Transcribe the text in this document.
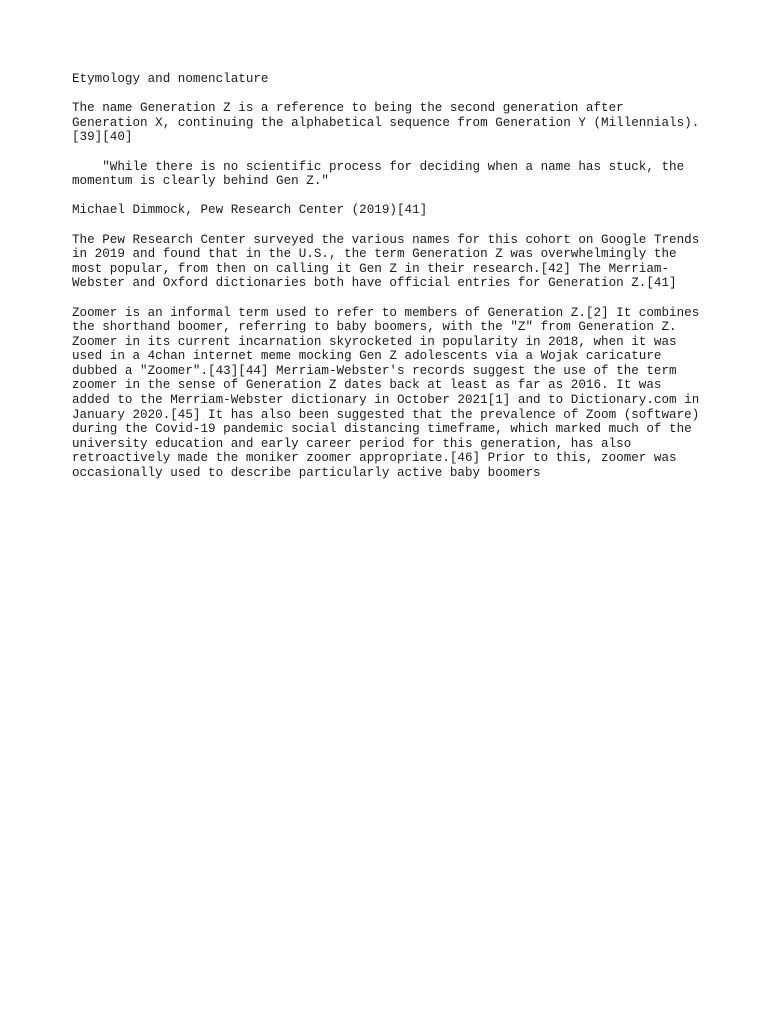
Etymology and nomenclature
The name Generation Z is a reference to being the second generation after
Generation X, continuing the alphabetical sequence from Generation Y (Millennials).
[39][40]
"While there is no scientific process for deciding when a name has stuck, the
momentum is clearly behind Gen Z."
Michael Dimmock, Pew Research Center (2019)[41]
The Pew Research Center surveyed the various names for this cohort on Google Trends
in 2019 and found that in the U.S., the term Generation Z was overwhelmingly the
most popular, from then on calling it Gen Z in their research.[42] The Merriam-
Webster and Oxford dictionaries both have official entries for Generation Z.[41]
Zoomer is an informal term used to refer to members of Generation Z.[2] It combines
the shorthand boomer, referring to baby boomers, with the "Z" from Generation Z.
Zoomer in its current incarnation skyrocketed in popularity in 2018, when it was
used in a 4chan internet meme mocking Gen Z adolescents via a Wojak caricature
dubbed a "Zoomer".[43][44] Merriam-Webster's records suggest the use of the term
zoomer in the sense of Generation Z dates back at least as far as 2016. It was
added to the Merriam-Webster dictionary in October 2021[1] and to Dictionary.com in
January 2020.[45] It has also been suggested that the prevalence of Zoom (software)
during the Covid-19 pandemic social distancing timeframe, which marked much of the
university education and early career period for this generation, has also
retroactively made the moniker zoomer appropriate.[46] Prior to this, zoomer was
occasionally used to describe particularly active baby boomers
